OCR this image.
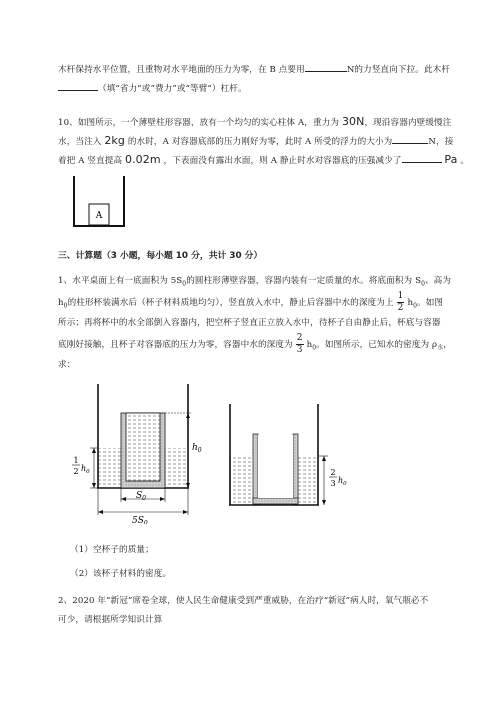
木杆保持水平位置，且重物对水平地面的压力为零，在 B 点要用	N的力竖直向下拉。此木杆
（填“省力”或“费力”或“等臂”）杠杆。
10、如图所示，一个薄壁柱形容器，放有一个均匀的实心柱体 A，重力为 30N，现沿容器内壁缓慢注
水，当注入 2kg 的水时，A 对容器底部的压力刚好为零，此时 A 所受的浮力的大小为	N，接
着把 A 竖直提高 0.02m ，下表面没有露出水面，则 A 静止时水对容器底的压强减少了	Pa 。
A
三、计算题（3 小题，每小题 10 分，共计 30 分）
1、水平桌面上有一底面积为 $5S_0$的圆柱形薄壁容器，容器内装有一定质量的水。将底面积为 $S_0$、高为
$h_0$的柱形杯装满水后（杯子材料质地均匀），竖直放入水中，静止后容器中水的深度为上 $\frac{1}{2} h_0$。如图
所示；再将杯中的水全部倒入容器内，把空杯子竖直正立放入水中，待杯子自由静止后，杯底与容器
底刚好接触，且杯子对容器底的压力为零，容器中水的深度为 $\frac{2}{3} h_0$。如图所示，已知水的密度为 $\rho_水$，
求：
$h_0$
1
2 $h_0$
$S_0$
$5S_0$
2
3 $h_0$
（1）空杯子的质量；
（2）该杯子材料的密度。
2、2020 年“新冠”席卷全球，使人民生命健康受到严重威胁，在治疗“新冠”病人时，氧气瓶必不
可少，请根据所学知识计算
